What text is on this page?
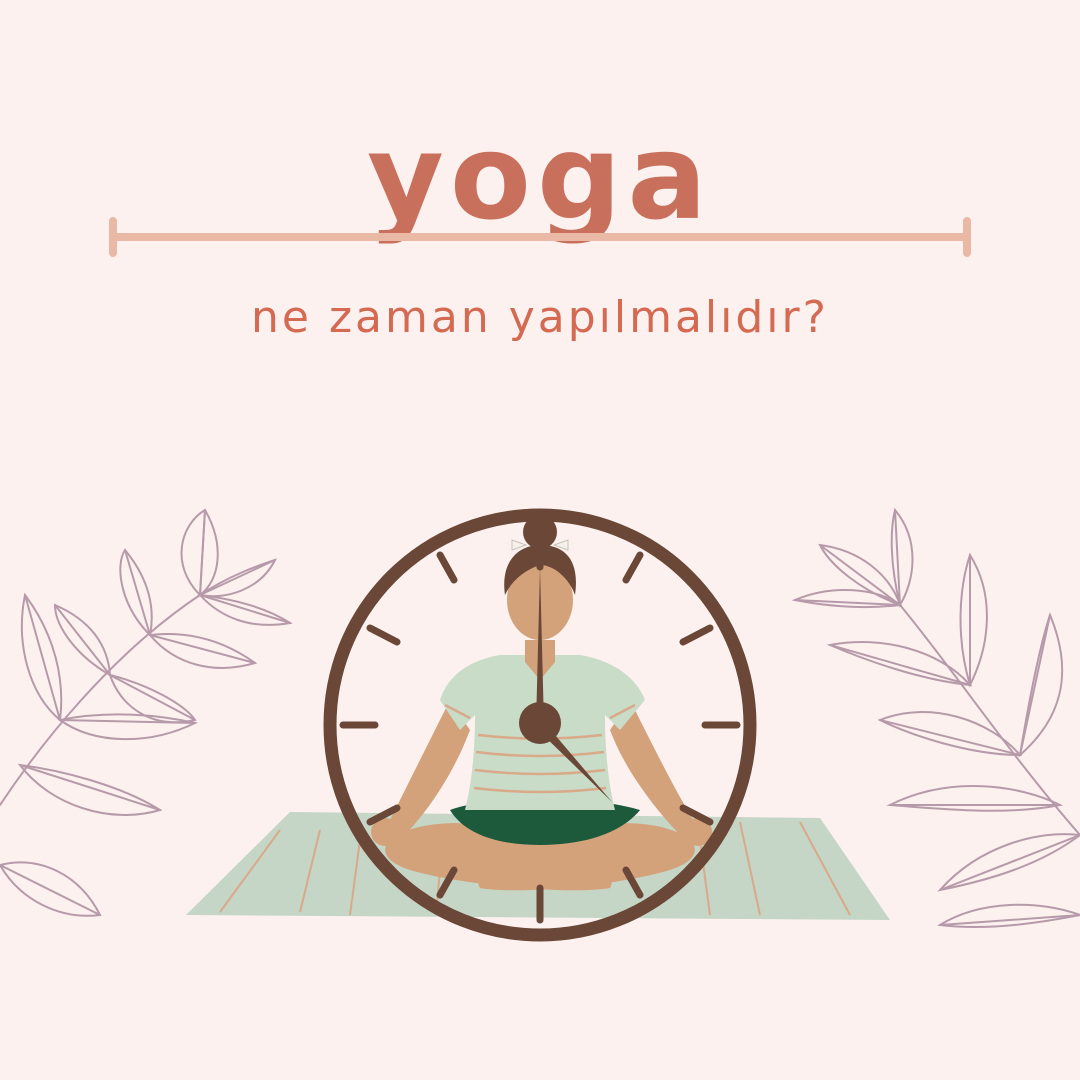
yoga
ne zaman yapılmalıdır?
